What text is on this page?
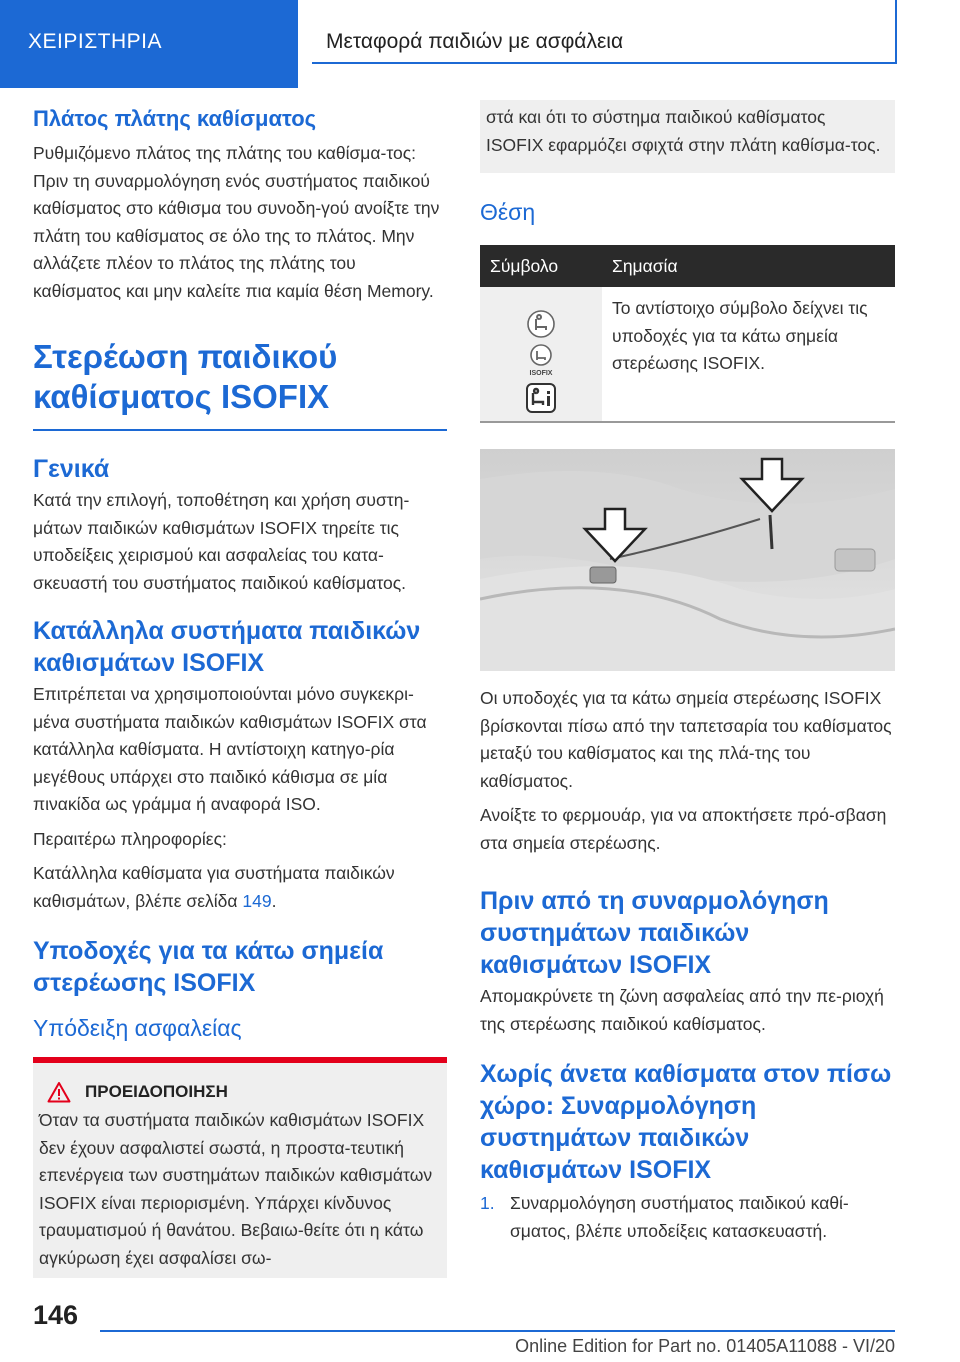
ΧΕΙΡΙΣΤΗΡΙΑ	Μεταφορά παιδιών με ασφάλεια
Πλάτος πλάτης καθίσματος

Ρυθμιζόμενο πλάτος της πλάτης του καθίσμα-τος: Πριν τη συναρμολόγηση ενός συστήματος παιδικού καθίσματος στο κάθισμα του συνοδη-γού ανοίξτε την πλάτη του καθίσματος σε όλο της το πλάτος. Μην αλλάζετε πλέον το πλάτος της πλάτης του καθίσματος και μην καλείτε πια καμία θέση Memory.

Στερέωση παιδικού καθίσματος ISOFIX
Γενικά

Κατά την επιλογή, τοποθέτηση και χρήση συστη-μάτων παιδικών καθισμάτων ISOFIX τηρείτε τις υποδείξεις χειρισμού και ασφαλείας του κατα-σκευαστή του συστήματος παιδικού καθίσματος.

Κατάλληλα συστήματα παιδικών καθισμάτων ISOFIX

Επιτρέπεται να χρησιμοποιούνται μόνο συγκεκρι-μένα συστήματα παιδικών καθισμάτων ISOFIX στα κατάλληλα καθίσματα. Η αντίστοιχη κατηγο-ρία μεγέθους υπάρχει στο παιδικό κάθισμα σε μία πινακίδα ως γράμμα ή αναφορά ISO.

Περαιτέρω πληροφορίες:

Κατάλληλα καθίσματα για συστήματα παιδικών καθισμάτων, βλέπε σελίδα 149.

Υποδοχές για τα κάτω σημεία στερέωσης ISOFIX
Υπόδειξη ασφαλείας
ΠΡΟΕΙΔΟΠΟΙΗΣΗ

Όταν τα συστήματα παιδικών καθισμάτων ISOFIX δεν έχουν ασφαλιστεί σωστά, η προστα-τευτική επενέργεια των συστημάτων παιδικών καθισμάτων ISOFIX είναι περιορισμένη. Υπάρχει κίνδυνος τραυματισμού ή θανάτου. Βεβαιω-θείτε ότι η κάτω αγκύρωση έχει ασφαλίσει σω-

στά και ότι το σύστημα παιδικού καθίσματος ISOFIX εφαρμόζει σφιχτά στην πλάτη καθίσμα-τος.

Θέση
Σύμβολο	Σημασία

ISOFIX	Το αντίστοιχο σύμβολο δείχνει τις υποδοχές για τα κάτω σημεία στερέωσης ISOFIX.

Οι υποδοχές για τα κάτω σημεία στερέωσης ISOFIX βρίσκονται πίσω από την ταπετσαρία του καθίσματος μεταξύ του καθίσματος και της πλά-της του καθίσματος.

Ανοίξτε το φερμουάρ, για να αποκτήσετε πρό-σβαση στα σημεία στερέωσης.

Πριν από τη συναρμολόγηση συστημάτων παιδικών καθισμάτων ISOFIX

Απομακρύνετε τη ζώνη ασφαλείας από την πε-ριοχή της στερέωσης παιδικού καθίσματος.

Χωρίς άνετα καθίσματα στον πίσω χώρο: Συναρμολόγηση συστημάτων παιδικών καθισμάτων ISOFIX

1. Συναρμολόγηση συστήματος παιδικού καθί-σματος, βλέπε υποδείξεις κατασκευαστή.

146
Online Edition for Part no. 01405A11088 - VI/20
